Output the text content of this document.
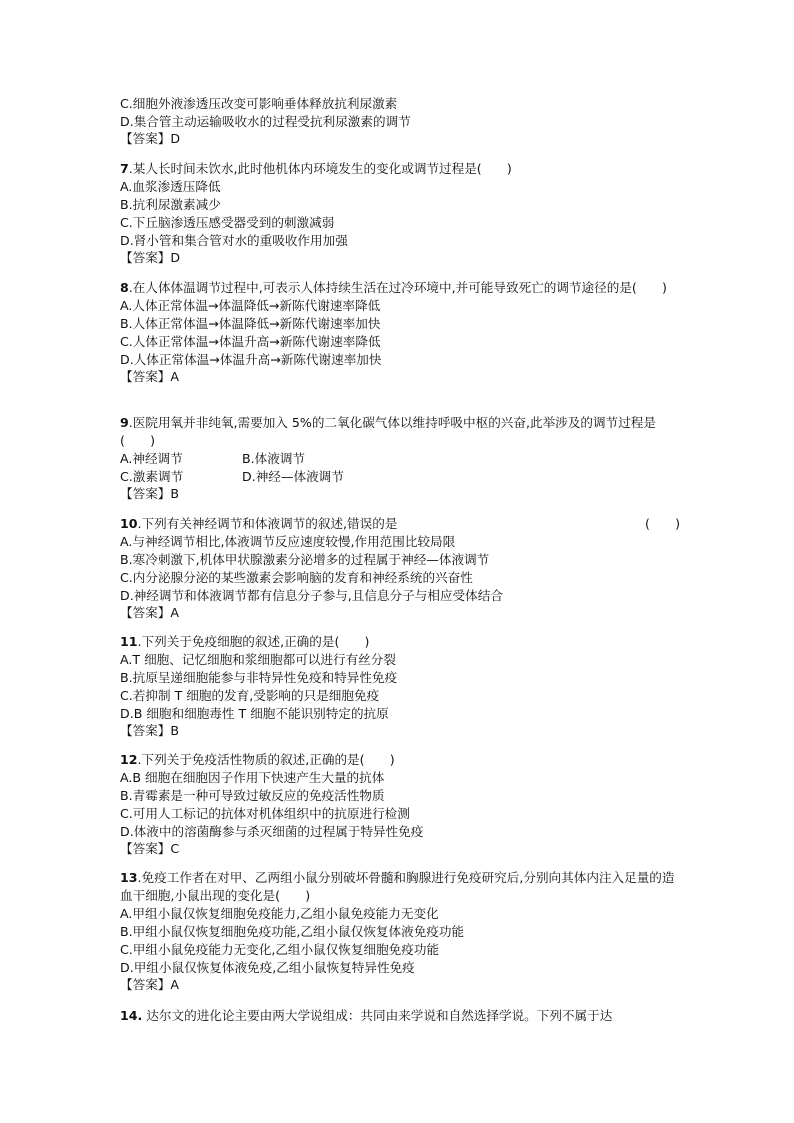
C.细胞外液渗透压改变可影响垂体释放抗利尿激素
D.集合管主动运输吸收水的过程受抗利尿激素的调节
【答案】D
7.某人长时间未饮水,此时他机体内环境发生的变化或调节过程是(　　)
A.血浆渗透压降低
B.抗利尿激素减少
C.下丘脑渗透压感受器受到的刺激减弱
D.肾小管和集合管对水的重吸收作用加强
【答案】D
8.在人体体温调节过程中,可表示人体持续生活在过冷环境中,并可能导致死亡的调节途径的是(　　)
A.人体正常体温→体温降低→新陈代谢速率降低
B.人体正常体温→体温降低→新陈代谢速率加快
C.人体正常体温→体温升高→新陈代谢速率降低
D.人体正常体温→体温升高→新陈代谢速率加快
【答案】A
9.医院用氧并非纯氧,需要加入 5%的二氧化碳气体以维持呼吸中枢的兴奋,此举涉及的调节过程是(　　)
A.神经调节	B.体液调节
C.激素调节	D.神经—体液调节
【答案】B
10.下列有关神经调节和体液调节的叙述,错误的是	(　　)
A.与神经调节相比,体液调节反应速度较慢,作用范围比较局限
B.寒冷刺激下,机体甲状腺激素分泌增多的过程属于神经—体液调节
C.内分泌腺分泌的某些激素会影响脑的发育和神经系统的兴奋性
D.神经调节和体液调节都有信息分子参与,且信息分子与相应受体结合
【答案】A
11.下列关于免疫细胞的叙述,正确的是(　　)
A.T 细胞、记忆细胞和浆细胞都可以进行有丝分裂
B.抗原呈递细胞能参与非特异性免疫和特异性免疫
C.若抑制 T 细胞的发育,受影响的只是细胞免疫
D.B 细胞和细胞毒性 T 细胞不能识别特定的抗原
【答案】B
12.下列关于免疫活性物质的叙述,正确的是(　　)
A.B 细胞在细胞因子作用下快速产生大量的抗体
B.青霉素是一种可导致过敏反应的免疫活性物质
C.可用人工标记的抗体对机体组织中的抗原进行检测
D.体液中的溶菌酶参与杀灭细菌的过程属于特异性免疫
【答案】C
13.免疫工作者在对甲、乙两组小鼠分别破坏骨髓和胸腺进行免疫研究后,分别向其体内注入足量的造血干细胞,小鼠出现的变化是(　　)
A.甲组小鼠仅恢复细胞免疫能力,乙组小鼠免疫能力无变化
B.甲组小鼠仅恢复细胞免疫功能,乙组小鼠仅恢复体液免疫功能
C.甲组小鼠免疫能力无变化,乙组小鼠仅恢复细胞免疫功能
D.甲组小鼠仅恢复体液免疫,乙组小鼠恢复特异性免疫
【答案】A
14. 达尔文的进化论主要由两大学说组成：共同由来学说和自然选择学说。下列不属于达
